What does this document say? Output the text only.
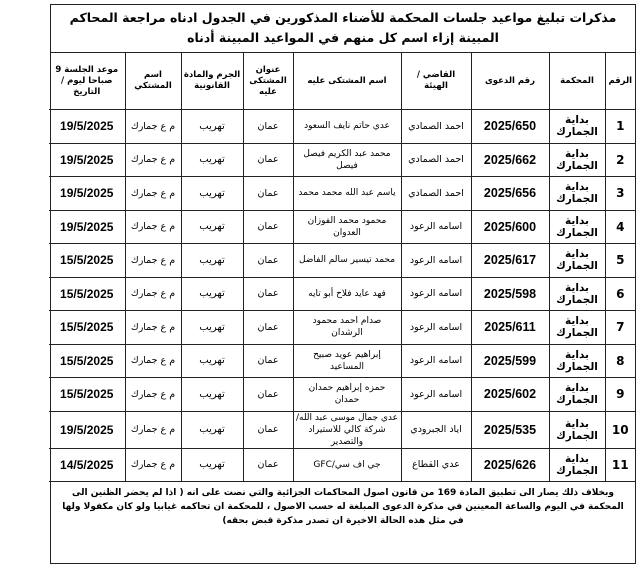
مذكرات تبليغ مواعيد جلسات المحكمة للأضناء المذكورين في الجدول ادناه مراجعة المحاكم المبينة إزاء اسم كل منهم في المواعيد المبينة أدناه
الرقم	المحكمة	رقم الدعوى	القاضي / الهيئة	اسم المشتكى عليه	عنوان المشتكى عليه	الجرم والمادة القانونية	اسم المشتكي	موعد الجلسة 9 صباحا ليوم / التاريخ
1	بداية الجمارك	2025/650	احمد الصمادي	عدي حاتم نايف السعود	عمان	تهريب	م ع جمارك	19/5/2025
2	بداية الجمارك	2025/662	احمد الصمادي	محمد عبد الكريم فيصل فيصل	عمان	تهريب	م ع جمارك	19/5/2025
3	بداية الجمارك	2025/656	احمد الصمادي	ياسم عبد الله محمد محمد	عمان	تهريب	م ع جمارك	19/5/2025
4	بداية الجمارك	2025/600	اسامه الرعود	محمود محمد الفوزان العدوان	عمان	تهريب	م ع جمارك	19/5/2025
5	بداية الجمارك	2025/617	اسامه الرعود	محمد تيسير سالم الفاضل	عمان	تهريب	م ع جمارك	15/5/2025
6	بداية الجمارك	2025/598	اسامه الرعود	فهد عايد فلاح أبو تايه	عمان	تهريب	م ع جمارك	15/5/2025
7	بداية الجمارك	2025/611	اسامه الرعود	صدام احمد محمود الرشدان	عمان	تهريب	م ع جمارك	15/5/2025
8	بداية الجمارك	2025/599	اسامه الرعود	إبراهيم عويد صبيح المساعيد	عمان	تهريب	م ع جمارك	15/5/2025
9	بداية الجمارك	2025/602	اسامه الرعود	حمزه إبراهيم حمدان حمدان	عمان	تهريب	م ع جمارك	15/5/2025
10	بداية الجمارك	2025/535	اياد الجبرودي	عدي جمال موسى عبد الله/شركة كالي للاستيراد والتصدير	عمان	تهريب	م ع جمارك	19/5/2025
11	بداية الجمارك	2025/626	عدي القطاع	جي اف سي/GFC	عمان	تهريب	م ع جمارك	14/5/2025
وبخلاف ذلك يصار الى تطبيق المادة 169 من قانون اصول المحاكمات الجزائية والتي نصت على انه ( اذا لم يحضر الظنين الى المحكمة في اليوم والساعة المعينين في مذكرة الدعوى المبلغة له حسب الاصول ، للمحكمة ان تحاكمه غيابيا ولو كان مكفولا ولها في مثل هذه الحالة الاخيرة ان تصدر مذكرة قبض بحقه)
